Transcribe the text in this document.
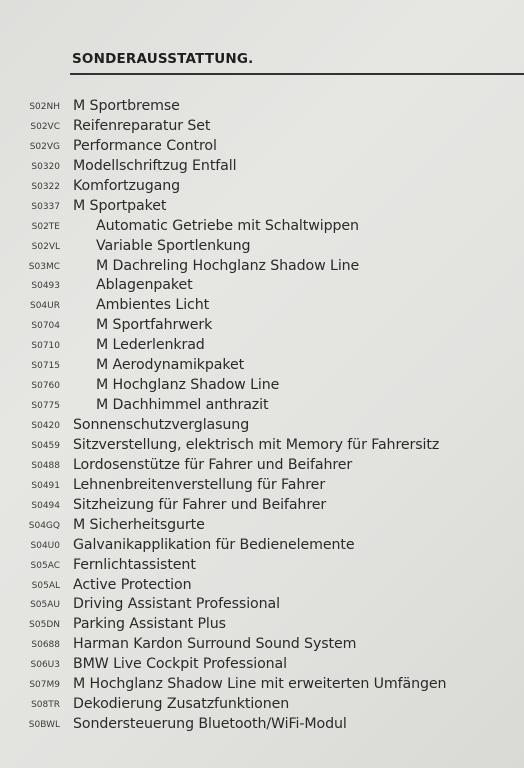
SONDERAUSSTATTUNG.
S02NH M Sportbremse
S02VC Reifenreparatur Set
S02VG Performance Control
S0320 Modellschriftzug Entfall
S0322 Komfortzugang
S0337 M Sportpaket
S02TE	Automatic Getriebe mit Schaltwippen
S02VL	Variable Sportlenkung
S03MC	M Dachreling Hochglanz Shadow Line
S0493	Ablagenpaket
S04UR	Ambientes Licht
S0704	M Sportfahrwerk
S0710	M Lederlenkrad
S0715	M Aerodynamikpaket
S0760	M Hochglanz Shadow Line
S0775	M Dachhimmel anthrazit
S0420 Sonnenschutzverglasung
S0459 Sitzverstellung, elektrisch mit Memory für Fahrersitz
S0488 Lordosenstütze für Fahrer und Beifahrer
S0491 Lehnenbreitenverstellung für Fahrer
S0494 Sitzheizung für Fahrer und Beifahrer
S04GQ M Sicherheitsgurte
S04U0 Galvanikapplikation für Bedienelemente
S05AC Fernlichtassistent
S05AL Active Protection
S05AU Driving Assistant Professional
S05DN Parking Assistant Plus
S0688 Harman Kardon Surround Sound System
S06U3 BMW Live Cockpit Professional
S07M9 M Hochglanz Shadow Line mit erweiterten Umfängen
S08TR Dekodierung Zusatzfunktionen
S0BWL Sondersteuerung Bluetooth/WiFi-Modul
